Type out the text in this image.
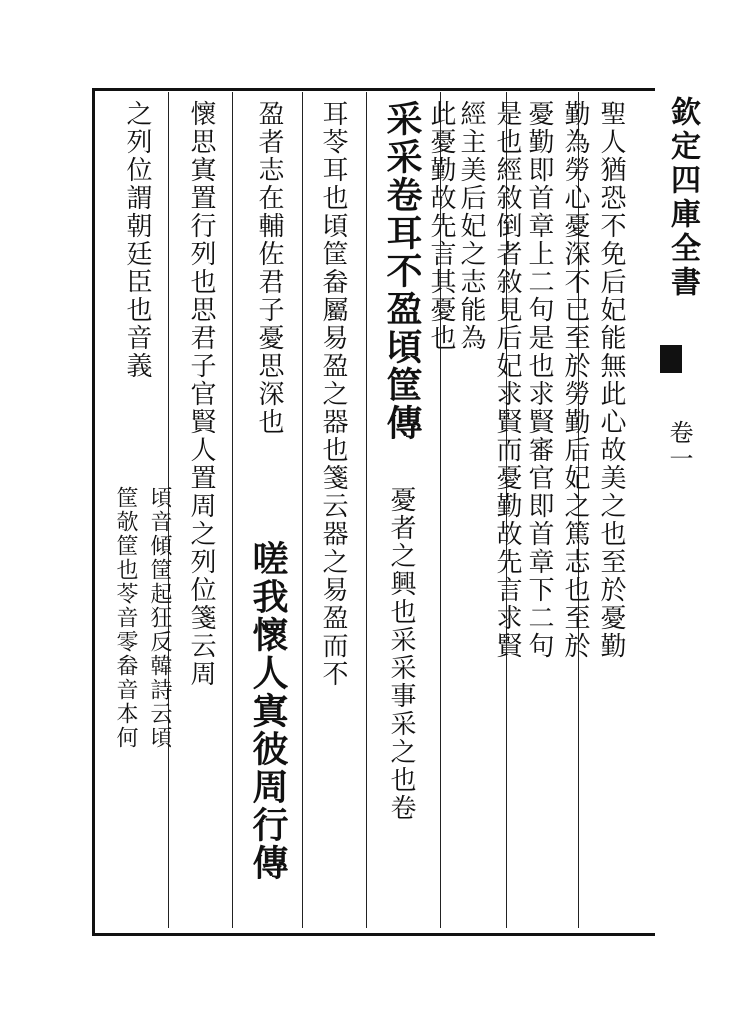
欽定四庫全書
卷一
聖人猶恐不免后妃能無此心故美之也至於憂勤
勤為勞心憂深不已至於勞勤后妃之篤志也至於
憂勤即首章上二句是也求賢審官即首章下二句
是也經敘倒者敘見后妃求賢而憂勤故先言求賢
經主美后妃之志能為
此憂勤故先言其憂也
采采卷耳不盈頃筐傳
憂者之興也采采事采之也卷
耳苓耳也頃筐畚屬易盈之器也箋云器之易盈而不
盈者志在輔佐君子憂思深也
嗟我懷人寘彼周行傳
懷思寘置行列也思君子官賢人置周之列位箋云周
之列位謂朝廷臣也音義
頃音傾筐起狂反韓詩云頃
筐欹筐也苓音零畚音本何
